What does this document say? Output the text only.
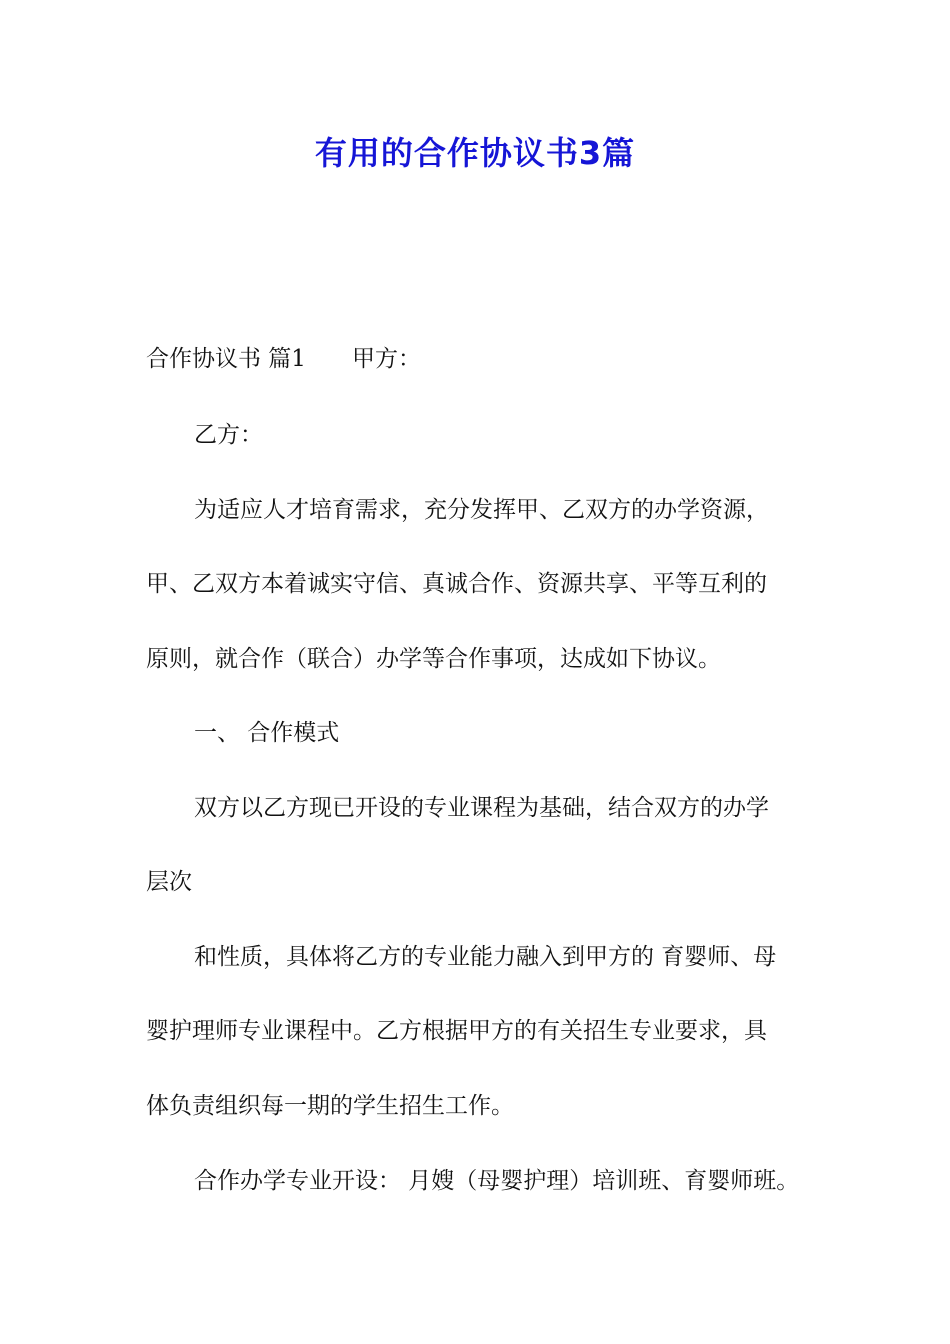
有用的合作协议书3篇
合作协议书 篇1 甲方：
乙方：
为适应人才培育需求，充分发挥甲、乙双方的办学资源，
甲、乙双方本着诚实守信、真诚合作、资源共享、平等互利的
原则，就合作（联合）办学等合作事项，达成如下协议。
一、 合作模式
双方以乙方现已开设的专业课程为基础，结合双方的办学
层次
和性质，具体将乙方的专业能力融入到甲方的 育婴师、母
婴护理师专业课程中。乙方根据甲方的有关招生专业要求，具
体负责组织每一期的学生招生工作。
合作办学专业开设： 月嫂（母婴护理）培训班、育婴师班。
